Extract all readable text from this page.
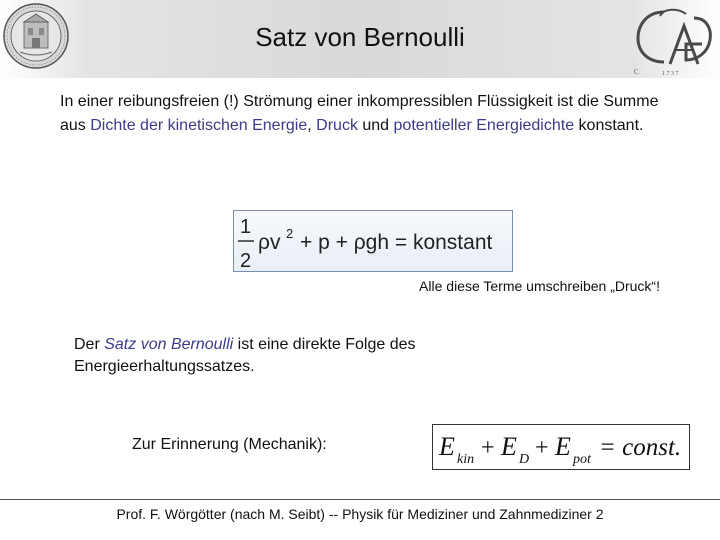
Satz von Bernoulli
C	1 7 3 7
In einer reibungsfreien (!) Strömung einer inkompressiblen Flüssigkeit ist die Summe aus Dichte der kinetischen Energie, Druck und potentieller Energiedichte konstant.
1
2
ρv 2 + p + ρgh = konstant
Alle diese Terme umschreiben „Druck“!
Der Satz von Bernoulli ist eine direkte Folge des Energieerhaltungssatzes.
Zur Erinnerung (Mechanik):	E kin + E D + E pot = const.
Prof. F. Wörgötter (nach M. Seibt) -- Physik für Mediziner und Zahnmediziner 2
